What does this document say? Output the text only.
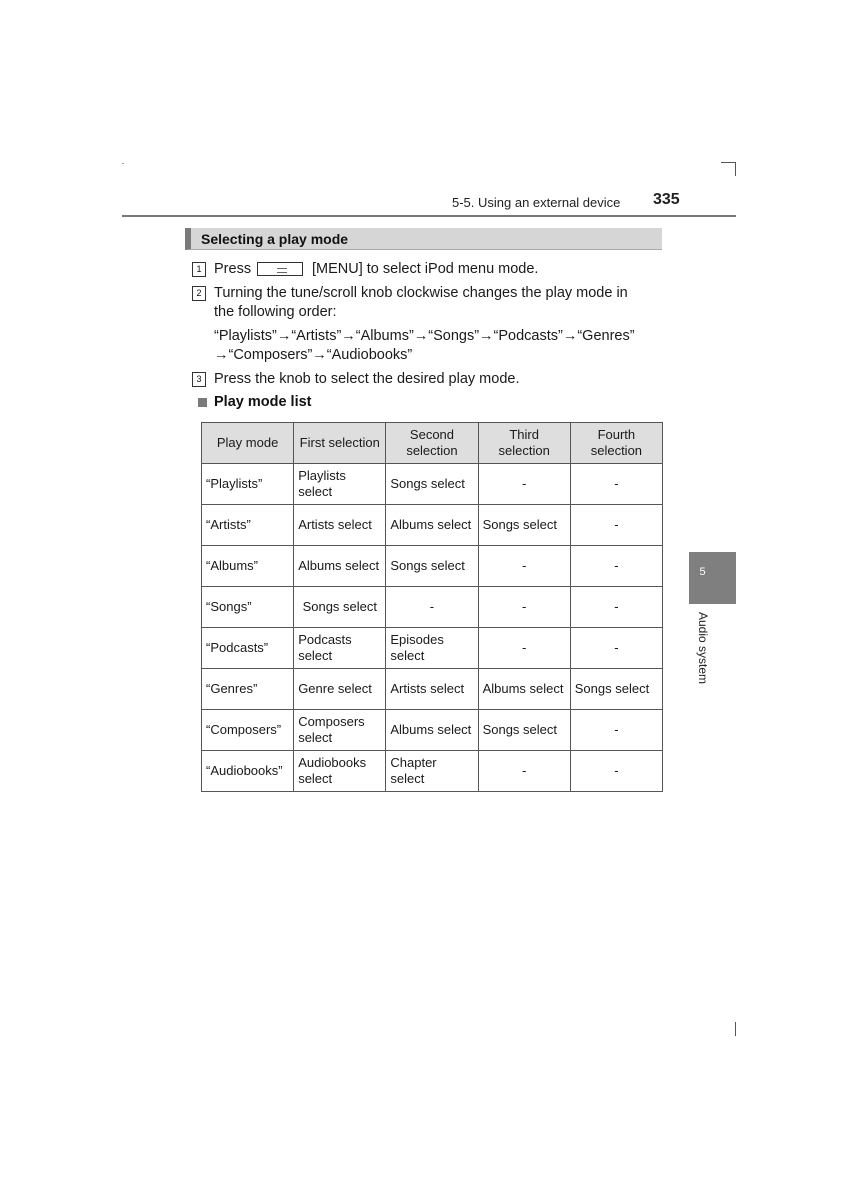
5-5. Using an external device 335
Selecting a play mode
1 Press	[MENU] to select iPod menu mode.
2 Turning the tune/scroll knob clockwise changes the play mode in
the following order:
“Playlists”→“Artists”→“Albums”→“Songs”→“Podcasts”→“Genres”
→“Composers”→“Audiobooks”
3 Press the knob to select the desired play mode.
Play mode list
Play mode	First selection	Second selection	Third selection	Fourth selection
“Playlists”	Playlists select	Songs select	-	-
“Artists”	Artists select	Albums select	Songs select	-
“Albums”	Albums select	Songs select	-	-
“Songs”	Songs select	-	-	-
“Podcasts”	Podcasts select	Episodes select	-	-
“Genres”	Genre select	Artists select	Albums select	Songs select
“Composers”	Composers select	Albums select	Songs select	-
“Audiobooks”	Audiobooks select	Chapter select	-	-
5
Audio system
